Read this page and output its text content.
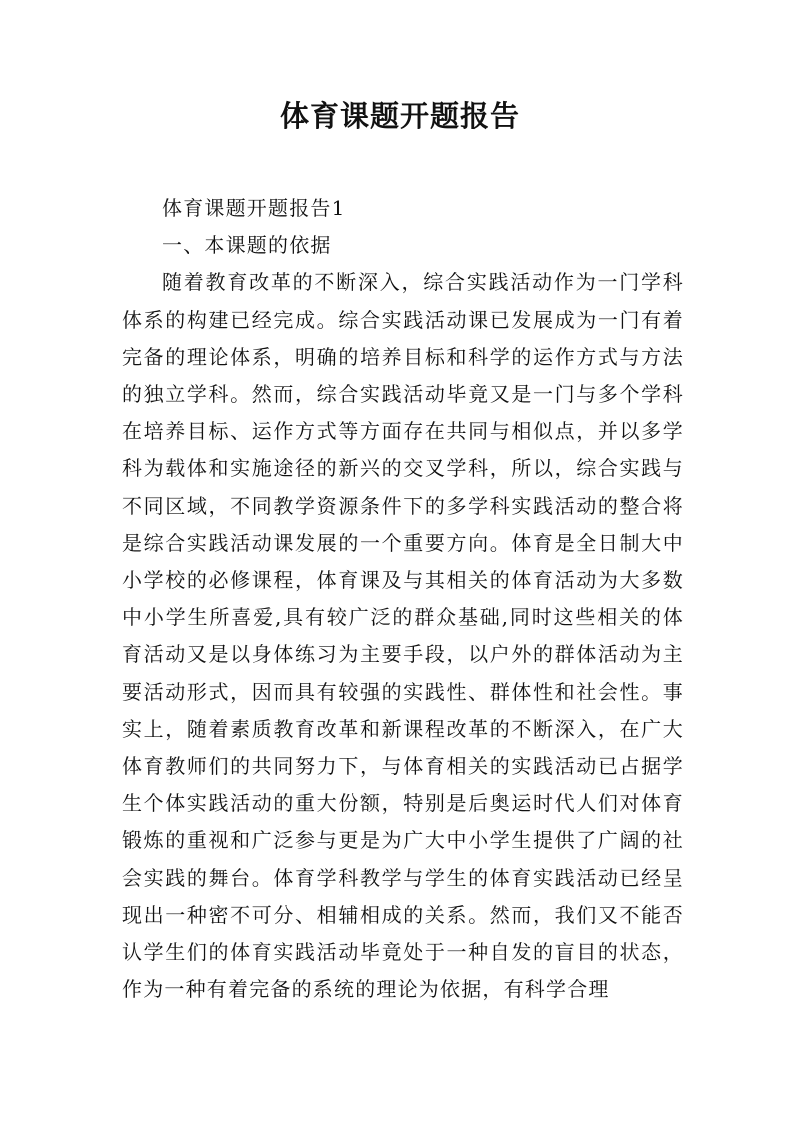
体育课题开题报告

体育课题开题报告1

一、本课题的依据

随着教育改革的不断深入，综合实践活动作为一门学科体系的构建已经完成。综合实践活动课已发展成为一门有着完备的理论体系，明确的培养目标和科学的运作方式与方法的独立学科。然而，综合实践活动毕竟又是一门与多个学科在培养目标、运作方式等方面存在共同与相似点，并以多学科为载体和实施途径的新兴的交叉学科，所以，综合实践与不同区域，不同教学资源条件下的多学科实践活动的整合将是综合实践活动课发展的一个重要方向。体育是全日制大中小学校的必修课程，体育课及与其相关的体育活动为大多数中小学生所喜爱,具有较广泛的群众基础,同时这些相关的体育活动又是以身体练习为主要手段，以户外的群体活动为主要活动形式，因而具有较强的实践性、群体性和社会性。事实上，随着素质教育改革和新课程改革的不断深入，在广大体育教师们的共同努力下，与体育相关的实践活动已占据学生个体实践活动的重大份额，特别是后奥运时代人们对体育锻炼的重视和广泛参与更是为广大中小学生提供了广阔的社会实践的舞台。体育学科教学与学生的体育实践活动已经呈现出一种密不可分、相辅相成的关系。然而，我们又不能否认学生们的体育实践活动毕竟处于一种自发的盲目的状态，作为一种有着完备的系统的理论为依据，有科学合理
